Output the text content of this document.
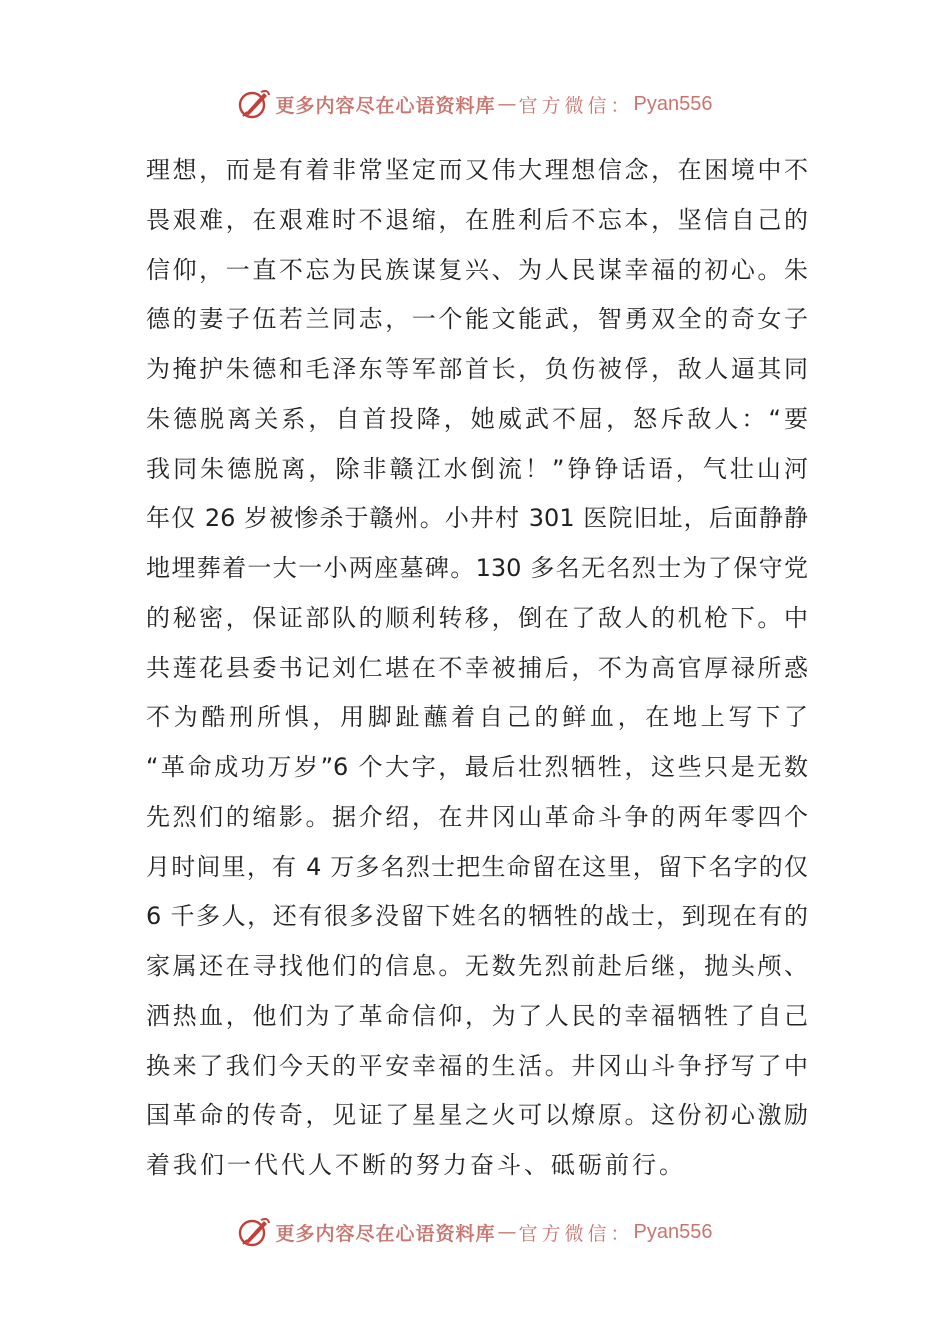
更多内容尽在心语资料库 — 官方微信 ： Pyan556
理想，而是有着非常坚定而又伟大理想信念，在困境中不
畏艰难，在艰难时不退缩，在胜利后不忘本，坚信自己的
信仰，一直不忘为民族谋复兴、为人民谋幸福的初心。朱
德的妻子伍若兰同志，一个能文能武，智勇双全的奇女子
为掩护朱德和毛泽东等军部首长，负伤被俘，敌人逼其同
朱德脱离关系，自首投降，她威武不屈，怒斥敌人：“要
我同朱德脱离，除非赣江水倒流！”铮铮话语，气壮山河
年仅 26 岁被惨杀于赣州。小井村 301 医院旧址，后面静静
地埋葬着一大一小两座墓碑。130 多名无名烈士为了保守党
的秘密，保证部队的顺利转移，倒在了敌人的机枪下。中
共莲花县委书记刘仁堪在不幸被捕后，不为高官厚禄所惑
不为酷刑所惧，用脚趾蘸着自己的鲜血，在地上写下了
“革命成功万岁”6 个大字，最后壮烈牺牲，这些只是无数
先烈们的缩影。据介绍，在井冈山革命斗争的两年零四个
月时间里，有 4 万多名烈士把生命留在这里，留下名字的仅
6 千多人，还有很多没留下姓名的牺牲的战士，到现在有的
家属还在寻找他们的信息。无数先烈前赴后继，抛头颅、
洒热血，他们为了革命信仰，为了人民的幸福牺牲了自己
换来了我们今天的平安幸福的生活。井冈山斗争抒写了中
国革命的传奇，见证了星星之火可以燎原。这份初心激励
着我们一代代人不断的努力奋斗、砥砺前行。
更多内容尽在心语资料库 — 官方微信 ： Pyan556
